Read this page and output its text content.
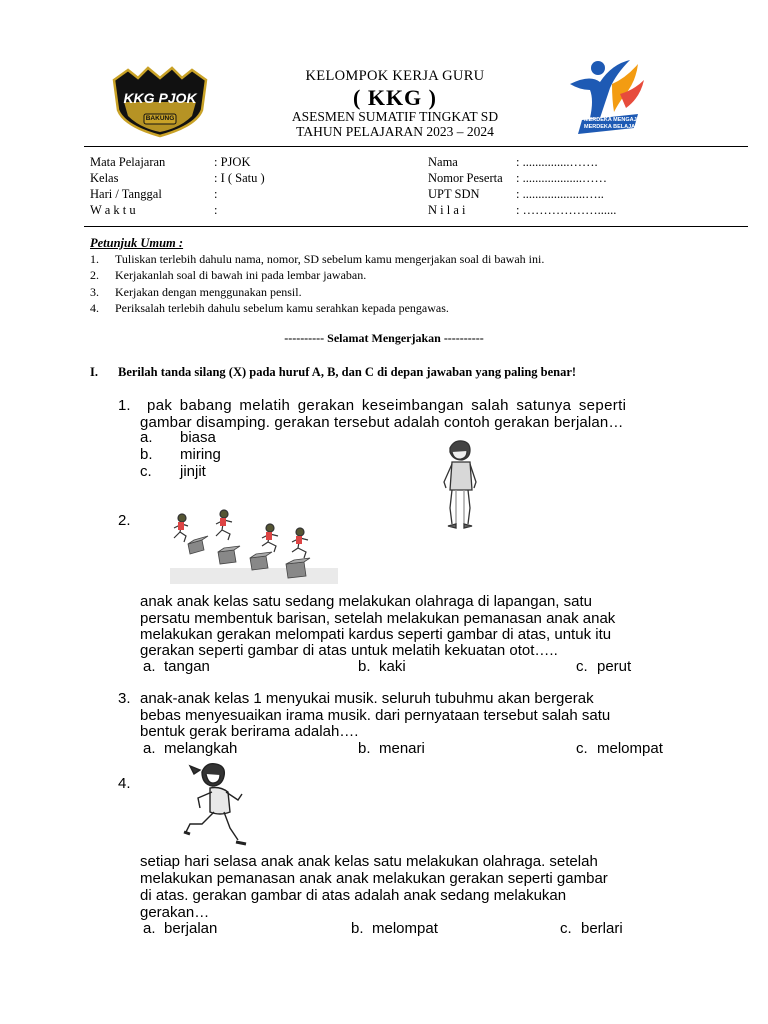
KKG PJOK
BAKUNG	MERDEKA MENGAJAR
MERDEKA BELAJAR
KELOMPOK KERJA GURU
( KKG )
ASESMEN SUMATIF TINGKAT SD
TAHUN PELAJARAN 2023 – 2024
Mata Pelajaran	: PJOK
Kelas	: I ( Satu )
Hari / Tanggal	:
W a k t u	:
Nama	: ...............…….
Nomor Peserta : ...................……
UPT SDN	: ....................…..
N i l a i	: ………………......
Petunjuk Umum :
1. Tuliskan terlebih dahulu nama, nomor, SD sebelum kamu mengerjakan soal di bawah ini.
2. Kerjakanlah soal di bawah ini pada lembar jawaban.
3. Kerjakan dengan menggunakan pensil.
4. Periksalah terlebih dahulu sebelum kamu serahkan kepada pengawas.
---------- Selamat Mengerjakan ----------
I. Berilah tanda silang (X) pada huruf A, B, dan C di depan jawaban yang paling benar!
1. pak babang melatih gerakan keseimbangan salah satunya seperti
gambar disamping. gerakan tersebut adalah contoh gerakan berjalan…
a. biasa
b. miring
c. jinjit
2.
anak anak kelas satu sedang melakukan olahraga di lapangan, satu
persatu membentuk barisan, setelah melakukan pemanasan anak anak
melakukan gerakan melompati kardus seperti gambar di atas, untuk itu
gerakan seperti gambar di atas untuk melatih kekuatan otot…..
a. tangan	b. kaki	c. perut
3. anak-anak kelas 1 menyukai musik. seluruh tubuhmu akan bergerak
bebas menyesuaikan irama musik. dari pernyataan tersebut salah satu
bentuk gerak berirama adalah….
a. melangkah	b. menari	c. melompat
4.
setiap hari selasa anak anak kelas satu melakukan olahraga. setelah
melakukan pemanasan anak anak melakukan gerakan seperti gambar
di atas. gerakan gambar di atas adalah anak sedang melakukan
gerakan…
a. berjalan	b. melompat	c. berlari
